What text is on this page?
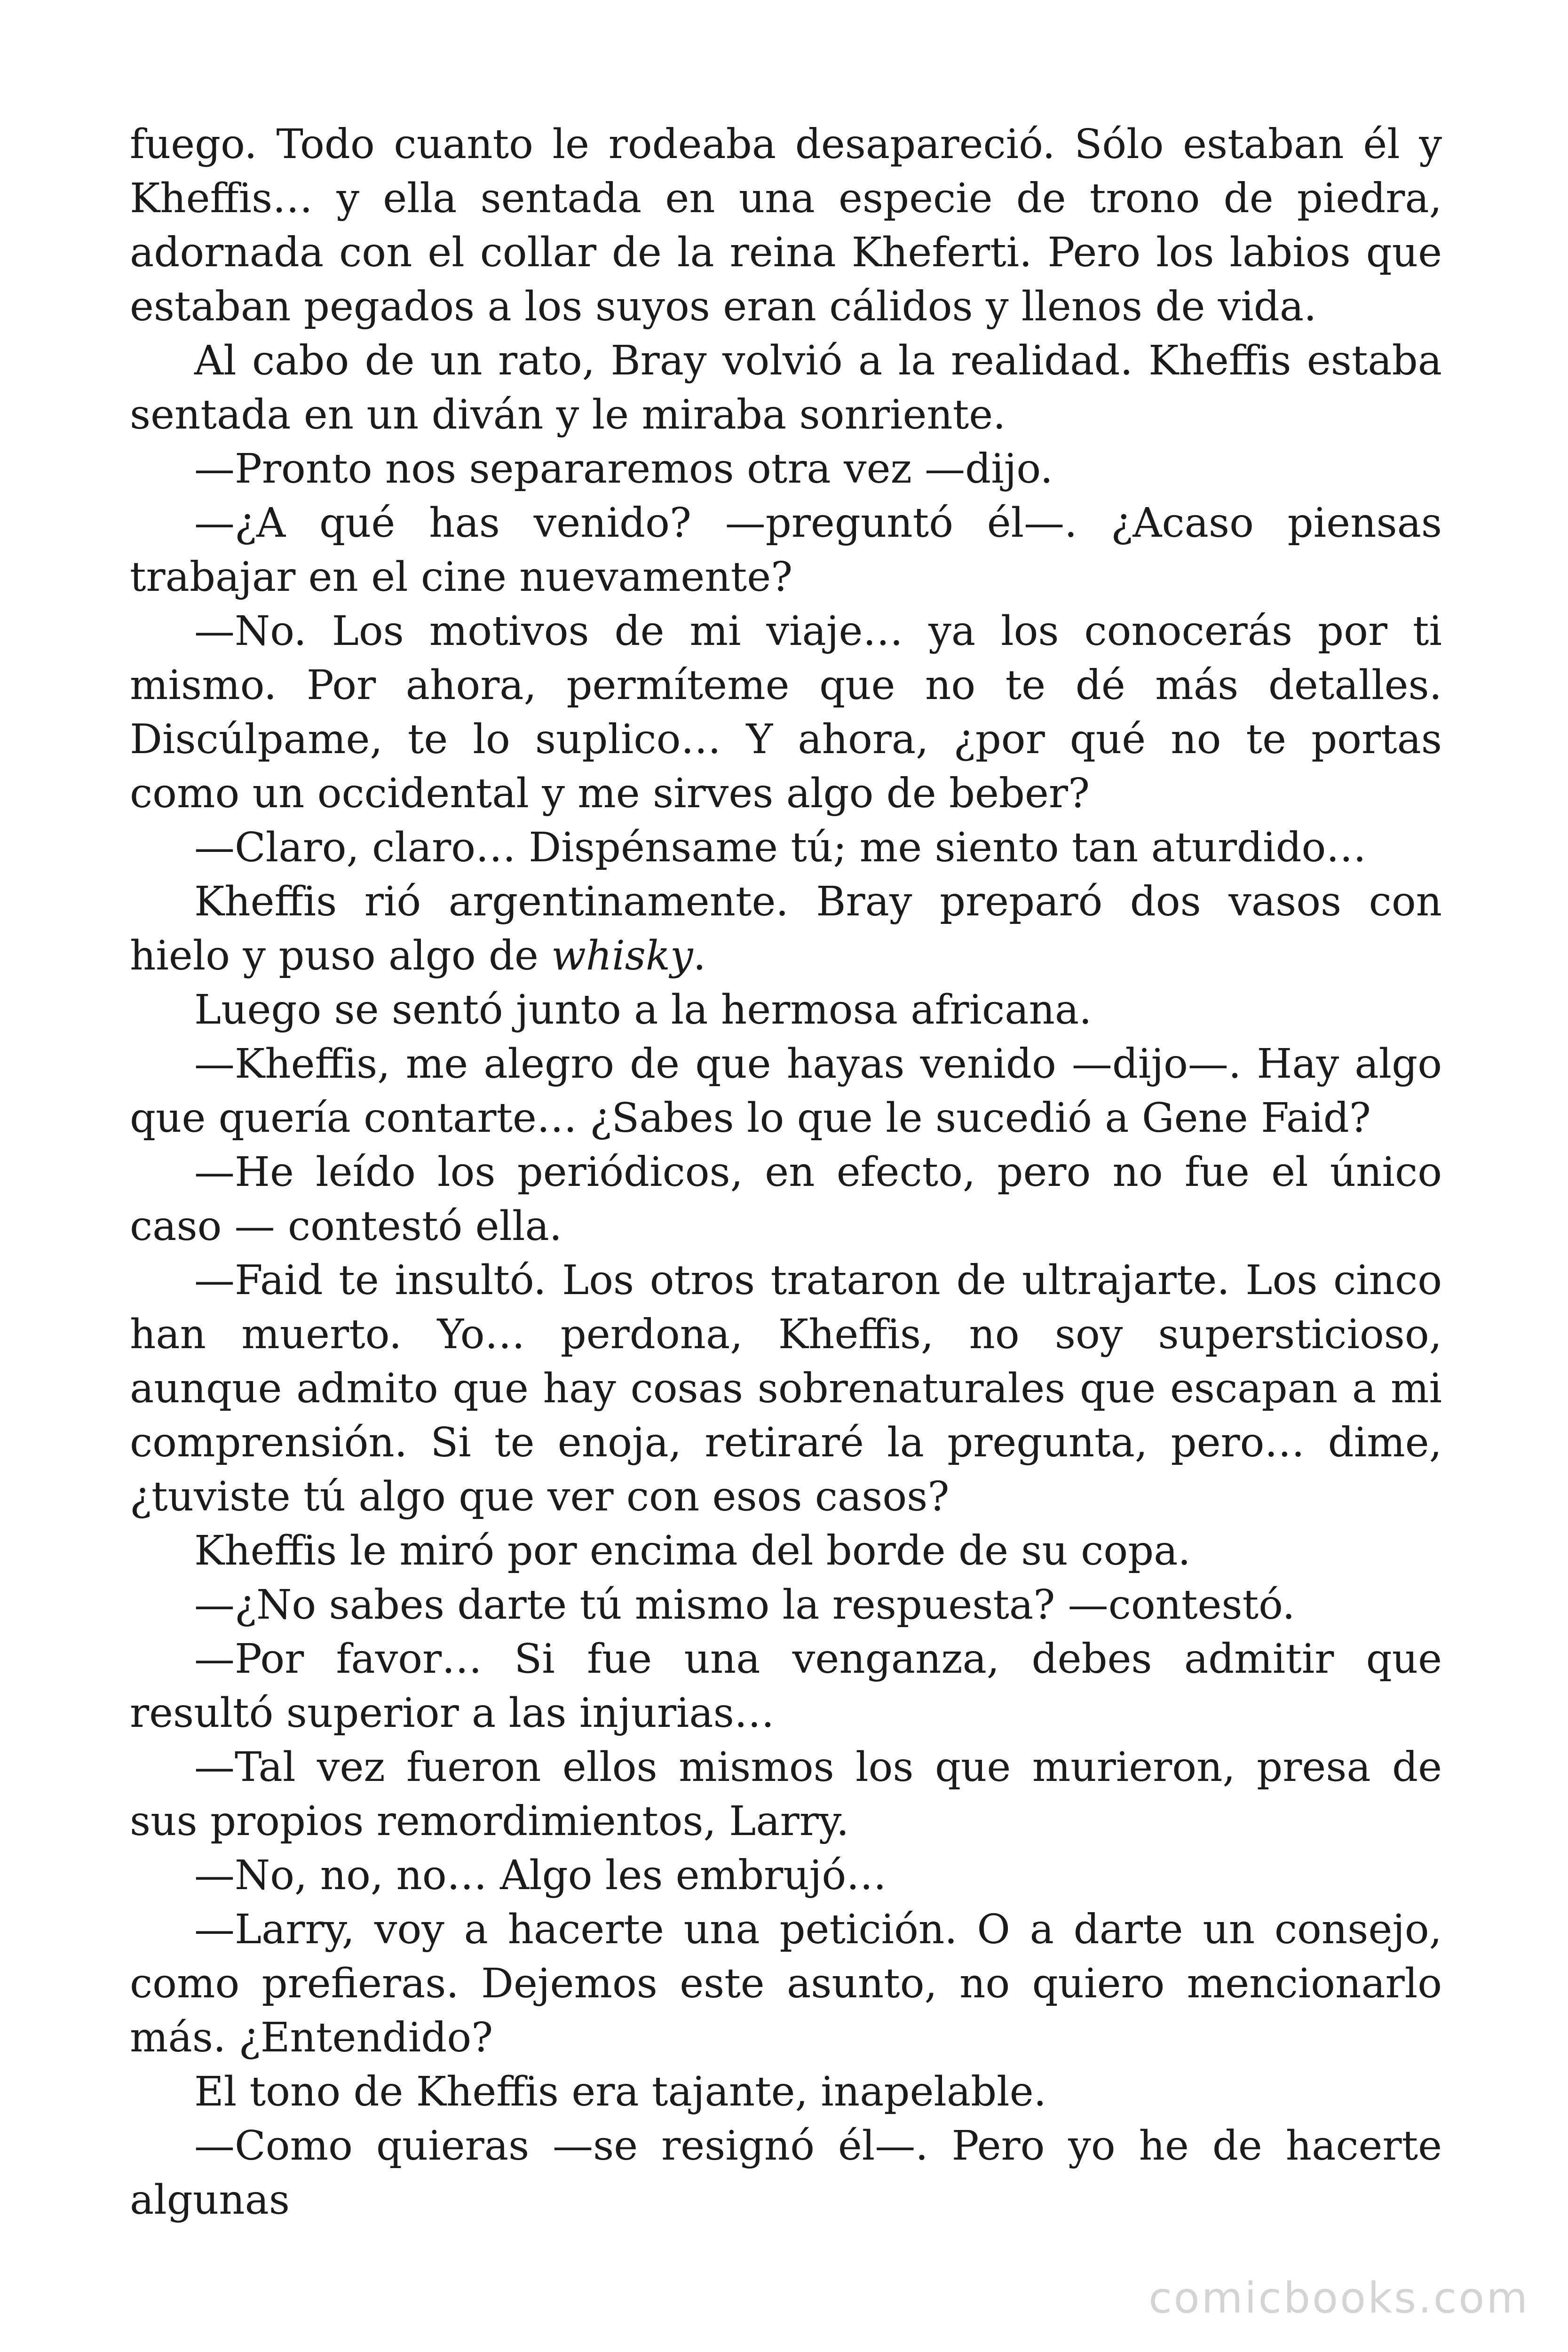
fuego. Todo cuanto le rodeaba desapareció. Sólo estaban él y Kheffis… y ella sentada en una especie de trono de piedra, adornada con el collar de la reina Kheferti. Pero los labios que estaban pegados a los suyos eran cálidos y llenos de vida.

Al cabo de un rato, Bray volvió a la realidad. Kheffis estaba sentada en un diván y le miraba sonriente.

—Pronto nos separaremos otra vez —dijo.

—¿A qué has venido? —preguntó él—. ¿Acaso piensas trabajar en el cine nuevamente?

—No. Los motivos de mi viaje… ya los conocerás por ti mismo. Por ahora, permíteme que no te dé más detalles. Discúlpame, te lo suplico… Y ahora, ¿por qué no te portas como un occidental y me sirves algo de beber?

—Claro, claro… Dispénsame tú; me siento tan aturdido…

Kheffis rió argentinamente. Bray preparó dos vasos con hielo y puso algo de whisky.

Luego se sentó junto a la hermosa africana.

—Kheffis, me alegro de que hayas venido —dijo—. Hay algo que quería contarte… ¿Sabes lo que le sucedió a Gene Faid?

—He leído los periódicos, en efecto, pero no fue el único caso — contestó ella.

—Faid te insultó. Los otros trataron de ultrajarte. Los cinco han muerto. Yo… perdona, Kheffis, no soy supersticioso, aunque admito que hay cosas sobrenaturales que escapan a mi comprensión. Si te enoja, retiraré la pregunta, pero… dime, ¿tuviste tú algo que ver con esos casos?

Kheffis le miró por encima del borde de su copa.

—¿No sabes darte tú mismo la respuesta? —contestó.

—Por favor… Si fue una venganza, debes admitir que resultó superior a las injurias…

—Tal vez fueron ellos mismos los que murieron, presa de sus propios remordimientos, Larry.

—No, no, no… Algo les embrujó…

—Larry, voy a hacerte una petición. O a darte un consejo, como prefieras. Dejemos este asunto, no quiero mencionarlo más. ¿Entendido?

El tono de Kheffis era tajante, inapelable.

—Como quieras —se resignó él—. Pero yo he de hacerte algunas

comicbooks.com
